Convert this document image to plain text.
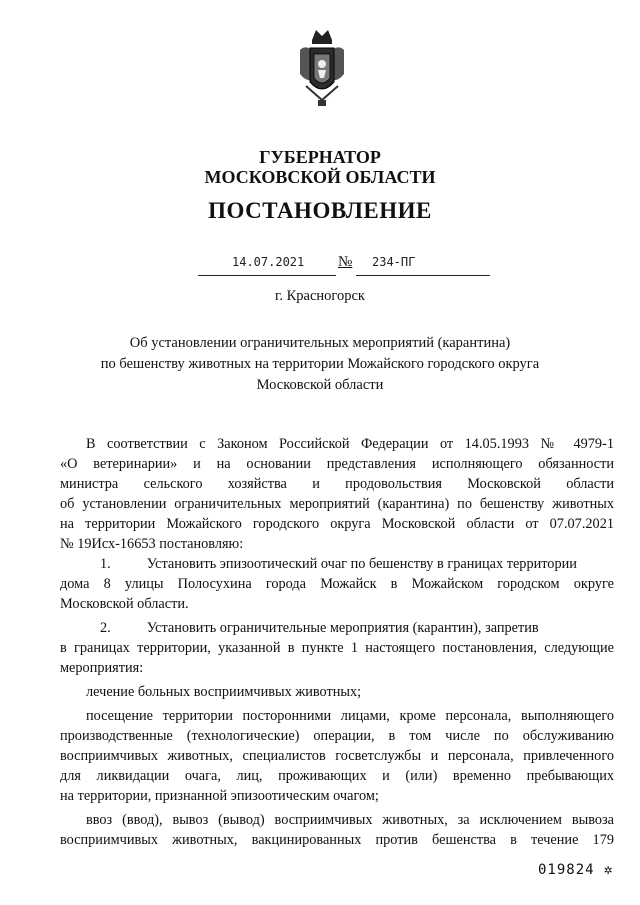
ГУБЕРНАТОР
МОСКОВСКОЙ ОБЛАСТИ
ПОСТАНОВЛЕНИЕ
14.07.2021 № 234-ПГ
г. Красногорск
Об установлении ограничительных мероприятий (карантина)
по бешенству животных на территории Можайского городского округа
Московской области
В соответствии с Законом Российской Федерации от 14.05.1993 № 4979-1
«О ветеринарии» и на основании представления исполняющего обязанности
министра сельского хозяйства и продовольствия Московской области
об установлении ограничительных мероприятий (карантина) по бешенству животных
на территории Можайского городского округа Московской области от 07.07.2021
№ 19Исх-16653 постановляю:
1.	Установить эпизоотический очаг по бешенству в границах территории
дома 8 улицы Полосухина города Можайск в Можайском городском округе
Московской области.
2.	Установить ограничительные мероприятия (карантин), запретив
в границах территории, указанной в пункте 1 настоящего постановления, следующие
мероприятия:
лечение больных восприимчивых животных;
посещение территории посторонними лицами, кроме персонала, выполняющего
производственные (технологические) операции, в том числе по обслуживанию
восприимчивых животных, специалистов госветслужбы и персонала, привлеченного
для ликвидации очага, лиц, проживающих и (или) временно пребывающих
на территории, признанной эпизоотическим очагом;
ввоз (ввод), вывоз (вывод) восприимчивых животных, за исключением вывоза
восприимчивых животных, вакцинированных против бешенства в течение 179
019824 ✲
